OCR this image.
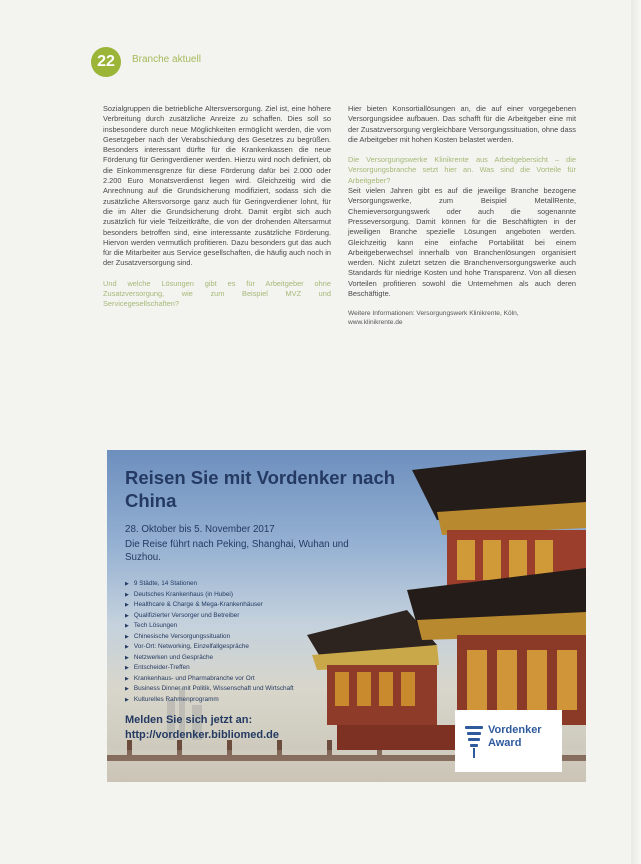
22 Branche aktuell

Sozialgruppen die betriebliche Altersversorgung. Ziel ist, eine höhere Verbreitung durch zusätzliche Anreize zu schaffen. Dies soll so insbesondere durch neue Möglichkeiten ermöglicht werden, die vom Gesetzgeber nach der Verabschiedung des Gesetzes zu begrüßen. Besonders interessant dürfte für die Krankenkassen die neue Förderung für Geringverdiener werden. Hierzu wird noch definiert, ob die Einkommensgrenze für diese Förderung dafür bei 2.000 oder 2.200 Euro Monatsverdienst liegen wird. Gleichzeitig wird die Anrechnung auf die Grundsicherung modifiziert, sodass sich die zusätzliche Altersvorsorge ganz auch für Geringverdiener lohnt, für die im Alter die Grundsicherung droht. Damit ergibt sich auch zusätzlich für viele Teilzeitkräfte, die von der drohenden Altersarmut besonders betroffen sind, eine interessante zusätzliche Förderung. Hiervon werden vermutlich profitieren. Dazu besonders gut das auch für die Mitarbeiter aus Service gesellschaften, die häufig auch noch in der Zusatzversorgung sind.

Und welche Lösungen gibt es für Arbeitgeber ohne Zusatzversorgung, wie zum Beispiel MVZ und Servicegesellschaften?

Hier bieten Konsortiallösungen an, die auf einer vorgegebenen Versorgungsidee aufbauen. Das schafft für die Arbeitgeber eine mit der Zusatzversorgung vergleichbare Versorgungssituation, ohne dass die Arbeitgeber mit hohen Kosten belastet werden.

Die Versorgungswerke Klinikrente aus Arbeitgebersicht – die Versorgungsbranche setzt hier an. Was sind die Vorteile für Arbeitgeber?

Seit vielen Jahren gibt es auf die jeweilige Branche bezogene Versorgungswerke, zum Beispiel MetallRente, Chemieversorgungswerk oder auch die sogenannte Presseversorgung. Damit können für die Beschäftigten in der jeweiligen Branche spezielle Lösungen angeboten werden. Gleichzeitig kann eine einfache Portabilität bei einem Arbeitgeberwechsel innerhalb von Branchenlösungen organisiert werden. Nicht zuletzt setzen die Branchenversorgungswerke auch Standards für niedrige Kosten und hohe Transparenz. Von all diesen Vorteilen profitieren sowohl die Unternehmen als auch deren Beschäftigte.

Weitere Informationen: Versorgungswerk Klinikrente, Köln,
www.klinikrente.de

Reisen Sie mit Vordenker nach China
28. Oktober bis 5. November 2017
Die Reise führt nach Peking, Shanghai, Wuhan und Suzhou.
▶ 9 Städte, 14 Stationen
▶ Deutsches Krankenhaus (in Hubei)
▶ Healthcare & Charge & Mega-Krankenhäuser
▶ Qualifizierter Versorger und Betreiber
▶ Tech Lösungen
▶ Chinesische Versorgungssituation
▶ Vor-Ort: Networking, Einzelfallgespräche
▶ Netzwerken und Gespräche
▶ Entscheider-Treffen
▶ Krankenhaus- und Pharmabranche vor Ort
▶ Business Dinner mit Politik, Wissenschaft und Wirtschaft
▶ Kulturelles Rahmenprogramm
Melden Sie sich jetzt an:
http://vordenker.bibliomed.de	Vordenker
Award
